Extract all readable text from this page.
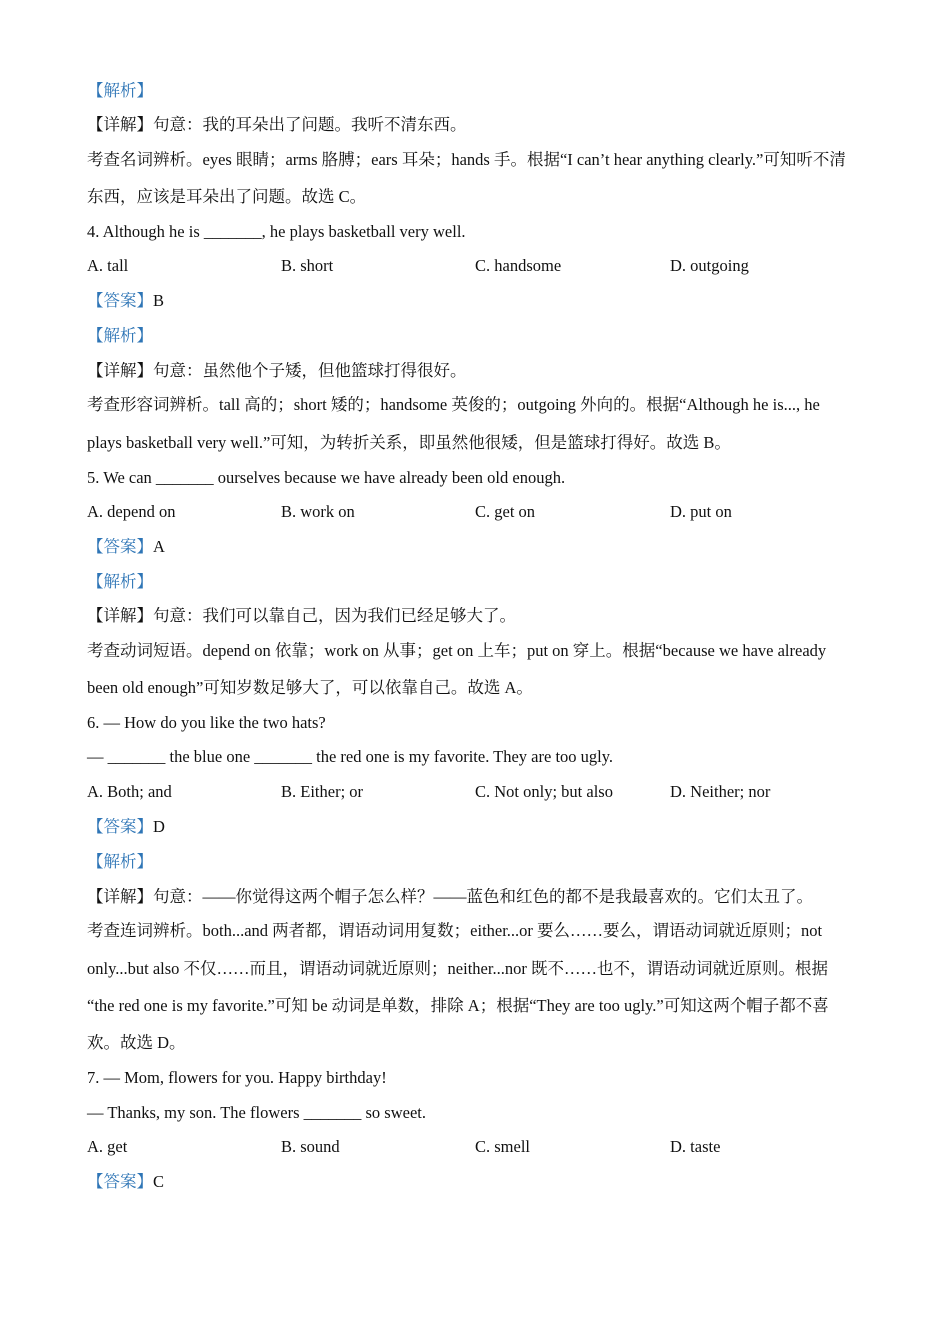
【解析】
【详解】句意：我的耳朵出了问题。我听不清东西。
考查名词辨析。eyes 眼睛；arms 胳膊；ears 耳朵；hands 手。根据“I can’t hear anything clearly.”可知听不清
东西，应该是耳朵出了问题。故选 C。
4. Although he is _______, he plays basketball very well.
A. tall	B. short	C. handsome	D. outgoing
【答案】B
【解析】
【详解】句意：虽然他个子矮，但他篮球打得很好。
考查形容词辨析。tall 高的；short 矮的；handsome 英俊的；outgoing 外向的。根据“Although he is..., he
plays basketball very well.”可知，为转折关系，即虽然他很矮，但是篮球打得好。故选 B。
5. We can _______ ourselves because we have already been old enough.
A. depend on	B. work on	C. get on	D. put on
【答案】A
【解析】
【详解】句意：我们可以靠自己，因为我们已经足够大了。
考查动词短语。depend on 依靠；work on 从事；get on 上车；put on 穿上。根据“because we have already
been old enough”可知岁数足够大了，可以依靠自己。故选 A。
6. — How do you like the two hats?
— _______ the blue one _______ the red one is my favorite. They are too ugly.
A. Both; and	B. Either; or	C. Not only; but also	D. Neither; nor
【答案】D
【解析】
【详解】句意：——你觉得这两个帽子怎么样？——蓝色和红色的都不是我最喜欢的。它们太丑了。
考查连词辨析。both...and 两者都，谓语动词用复数；either...or 要么……要么，谓语动词就近原则；not
only...but also 不仅……而且，谓语动词就近原则；neither...nor 既不……也不，谓语动词就近原则。根据
“the red one is my favorite.”可知 be 动词是单数，排除 A；根据“They are too ugly.”可知这两个帽子都不喜
欢。故选 D。
7. — Mom, flowers for you. Happy birthday!
— Thanks, my son. The flowers _______ so sweet.
A. get	B. sound	C. smell	D. taste
【答案】C
